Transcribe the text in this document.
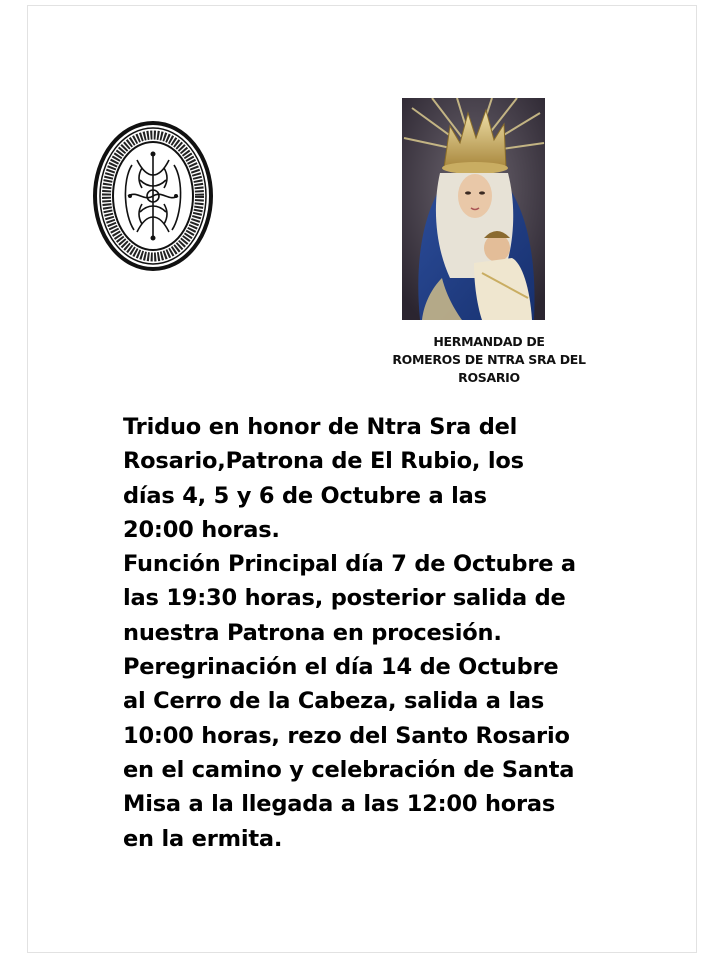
HERMANDAD DE
ROMEROS DE NTRA SRA DEL
ROSARIO
Triduo en honor de Ntra Sra del
Rosario,Patrona de El Rubio, los
días 4, 5 y 6 de Octubre a las
20:00 horas.
Función Principal día 7 de Octubre a
las 19:30 horas, posterior salida de
nuestra Patrona en procesión.
Peregrinación el día 14 de Octubre
al Cerro de la Cabeza, salida a las
10:00 horas, rezo del Santo Rosario
en el camino y celebración de Santa
Misa a la llegada a las 12:00 horas
en la ermita.
